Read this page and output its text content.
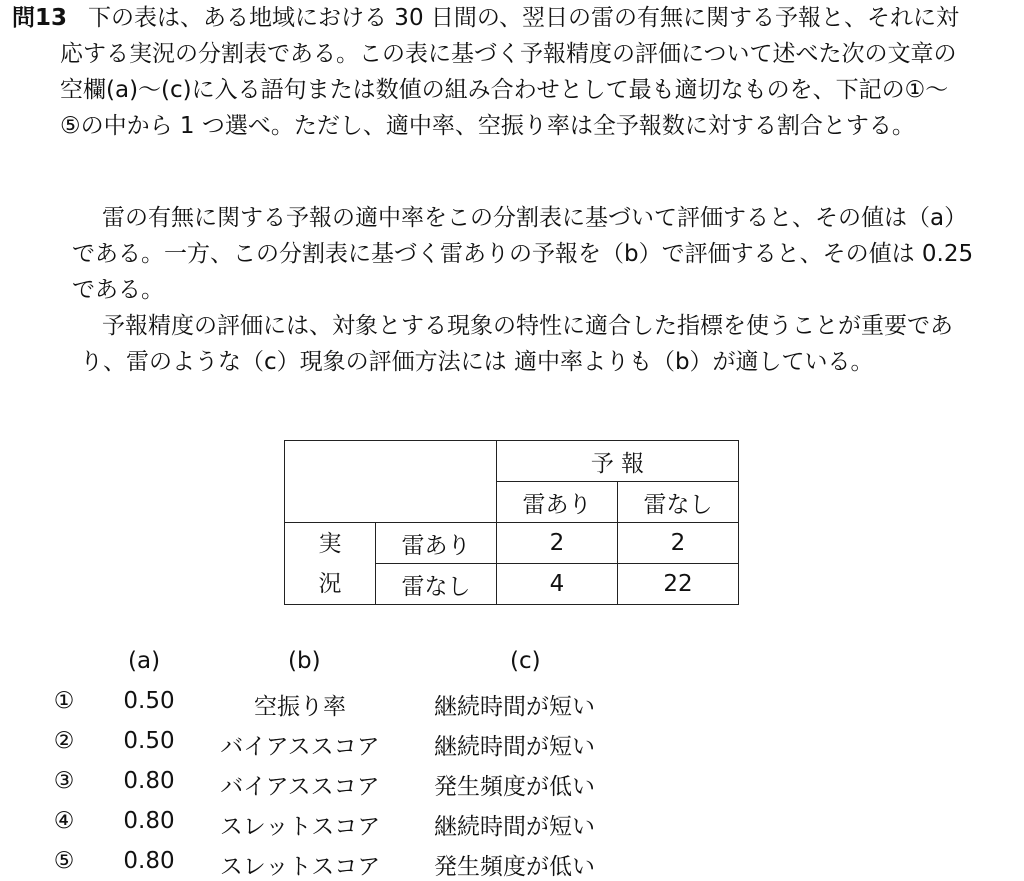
問13 下の表は、ある地域における 30 日間の、翌日の雷の有無に関する予報と、それに対
応する実況の分割表である。この表に基づく予報精度の評価について述べた次の文章の
空欄(a)〜(c)に入る語句または数値の組み合わせとして最も適切なものを、下記の①〜
⑤の中から 1 つ選べ。ただし、適中率、空振り率は全予報数に対する割合とする。
雷の有無に関する予報の適中率をこの分割表に基づいて評価すると、その値は（a）
である。一方、この分割表に基づく雷ありの予報を（b）で評価すると、その値は 0.25
である。
予報精度の評価には、対象とする現象の特性に適合した指標を使うことが重要であ
り、雷のような（c）現象の評価方法には 適中率よりも（b）が適している。
		予 報	
		雷あり	雷なし
実
況	雷あり	2	2
	雷なし	4	22
(a)	(b)	(c)
①	0.50	空振り率	継続時間が短い
②	0.50	バイアススコア	継続時間が短い
③	0.80	バイアススコア	発生頻度が低い
④	0.80	スレットスコア	継続時間が短い
⑤	0.80	スレットスコア	発生頻度が低い
